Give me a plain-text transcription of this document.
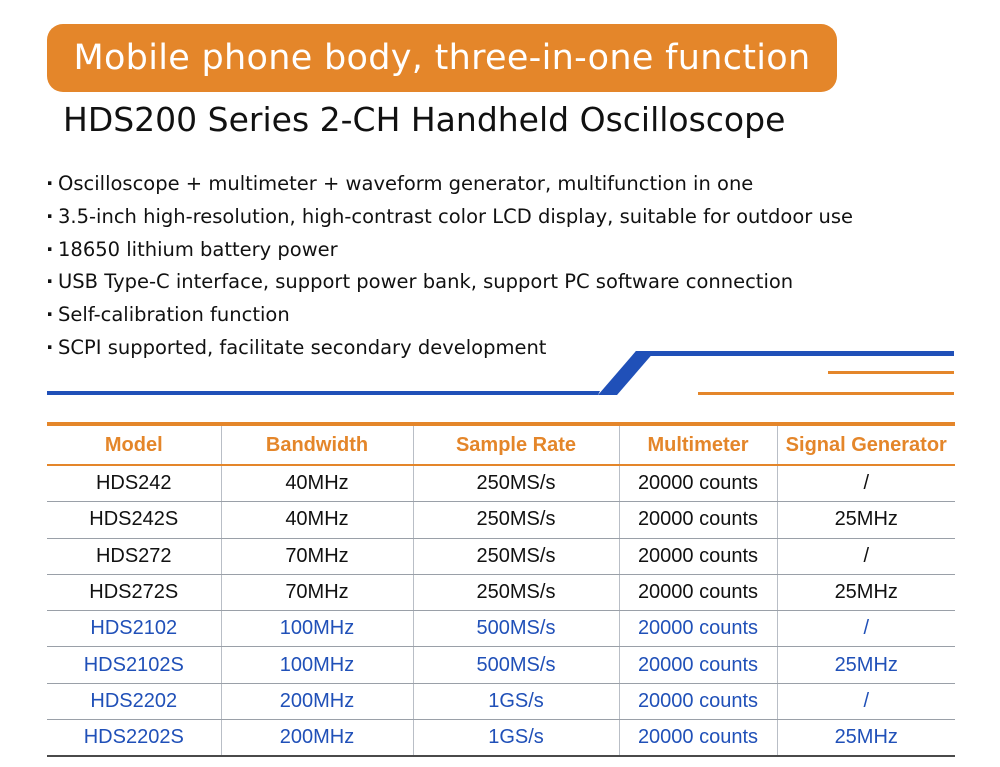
Mobile phone body, three-in-one function
HDS200 Series 2-CH Handheld Oscilloscope
· Oscilloscope + multimeter + waveform generator, multifunction in one
· 3.5-inch high-resolution, high-contrast color LCD display, suitable for outdoor use
· 18650 lithium battery power
· USB Type-C interface, support power bank, support PC software connection
· Self-calibration function
· SCPI supported, facilitate secondary development
Model	Bandwidth	Sample Rate	Multimeter	Signal Generator
HDS242	40MHz	250MS/s	20000 counts	/
HDS242S	40MHz	250MS/s	20000 counts	25MHz
HDS272	70MHz	250MS/s	20000 counts	/
HDS272S	70MHz	250MS/s	20000 counts	25MHz
HDS2102	100MHz	500MS/s	20000 counts	/
HDS2102S	100MHz	500MS/s	20000 counts	25MHz
HDS2202	200MHz	1GS/s	20000 counts	/
HDS2202S	200MHz	1GS/s	20000 counts	25MHz
